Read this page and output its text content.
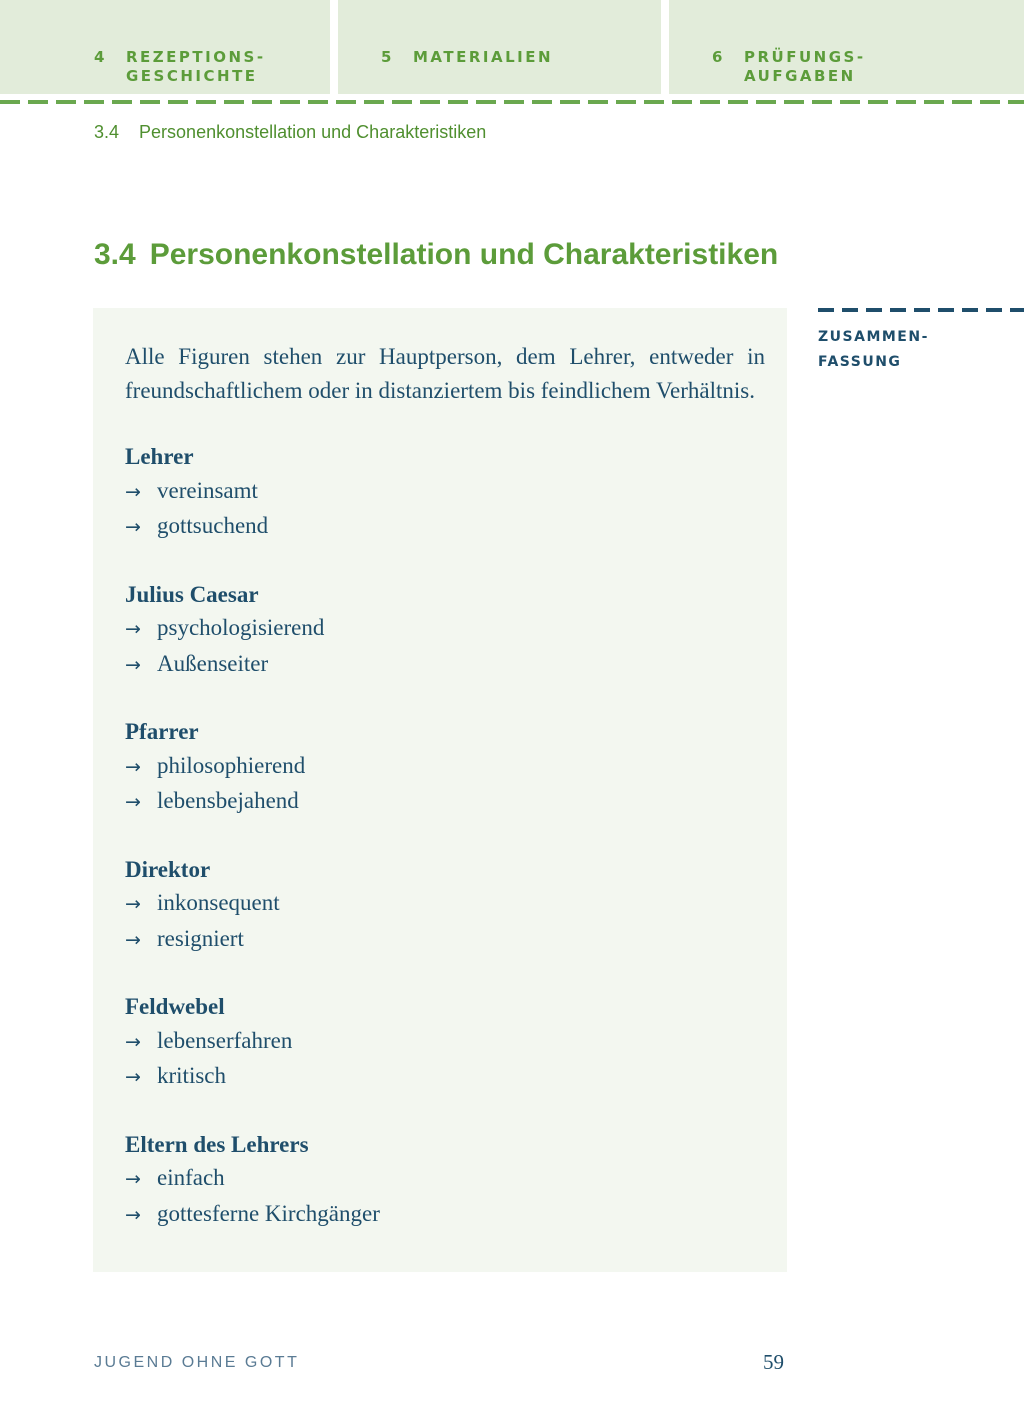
4 REZEPTIONS-
GESCHICHTE
5 MATERIALIEN	6 PRÜFUNGS-
AUFGABEN
3.4 Personenkonstellation und Charakteristiken
3.4 Personenkonstellation und Charakteristiken
ZUSAMMEN-
FASSUNG

Alle Figuren stehen zur Hauptperson, dem Lehrer, entweder in freundschaftlichem oder in distanziertem bis feindlichem Verhältnis.

Lehrer
→ vereinsamt
→ gottsuchend
Julius Caesar
→ psychologisierend
→ Außenseiter
Pfarrer
→ philosophierend
→ lebensbejahend
Direktor
→ inkonsequent
→ resigniert
Feldwebel
→ lebenserfahren
→ kritisch
Eltern des Lehrers
→ einfach
→ gottesferne Kirchgänger
JUGEND OHNE GOTT	59
